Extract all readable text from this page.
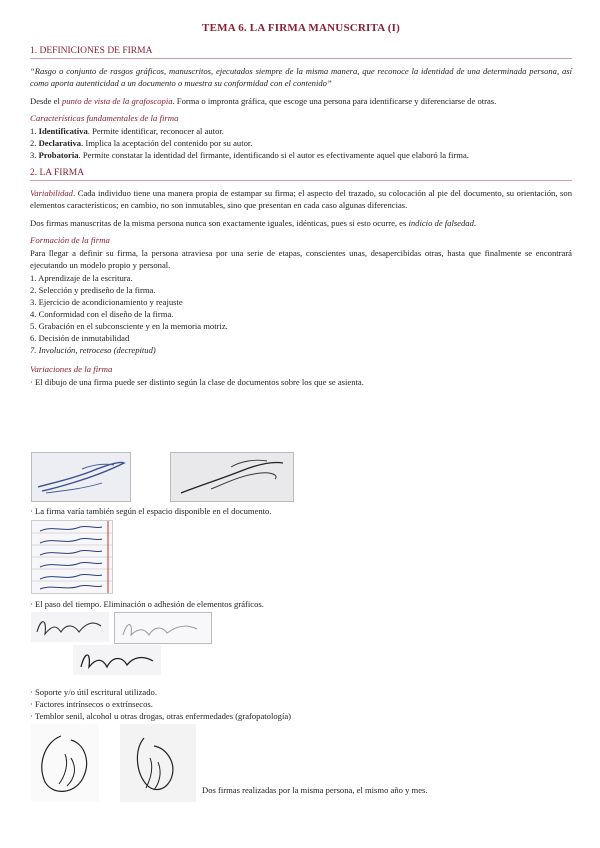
TEMA 6. LA FIRMA MANUSCRITA (I)
1. DEFINICIONES DE FIRMA

“Rasgo o conjunto de rasgos gráficos, manuscritos, ejecutados siempre de la misma manera, que reconoce la identidad de una determinada persona, así como aporta autenticidad a un documento o muestra su conformidad con el contenido”

Desde el punto de vista de la grafoscopia. Forma o impronta gráfica, que escoge una persona para identificarse y diferenciarse de otras.

Características fundamentales de la firma
1. Identificativa. Permite identificar, reconocer al autor.
2. Declarativa. Implica la aceptación del contenido por su autor.
3. Probatoria. Permite constatar la identidad del firmante, identificando si el autor es efectivamente aquel que elaboró la firma.
2. LA FIRMA

Variabilidad. Cada individuo tiene una manera propia de estampar su firma; el aspecto del trazado, su colocación al pie del documento, su orientación, son elementos característicos; en cambio, no son inmutables, sino que presentan en cada caso algunas diferencias.

Dos firmas manuscritas de la misma persona nunca son exactamente iguales, idénticas, pues si esto ocurre, es indicio de falsedad.

Formación de la firma

Para llegar a definir su firma, la persona atraviesa por una serie de etapas, conscientes unas, desapercibidas otras, hasta que finalmente se encontrará ejecutando un modelo propio y personal.

1. Aprendizaje de la escritura.
2. Selección y prediseño de la firma.
3. Ejercicio de acondicionamiento y reajuste
4. Conformidad con el diseño de la firma.
5. Grabación en el subconsciente y en la memoria motriz.
6. Decisión de inmutabilidad
7. Involución, retroceso (decrepitud)
Variaciones de la firma
· El dibujo de una firma puede ser distinto según la clase de documentos sobre los que se asienta.
· La firma varía también según el espacio disponible en el documento.
· El paso del tiempo. Eliminación o adhesión de elementos gráficos.
· Soporte y/o útil escritural utilizado.
· Factores intrínsecos o extrínsecos.
· Temblor senil, alcohol u otras drogas, otras enfermedades (grafopatología)
Dos firmas realizadas por la misma persona, el mismo año y mes.
